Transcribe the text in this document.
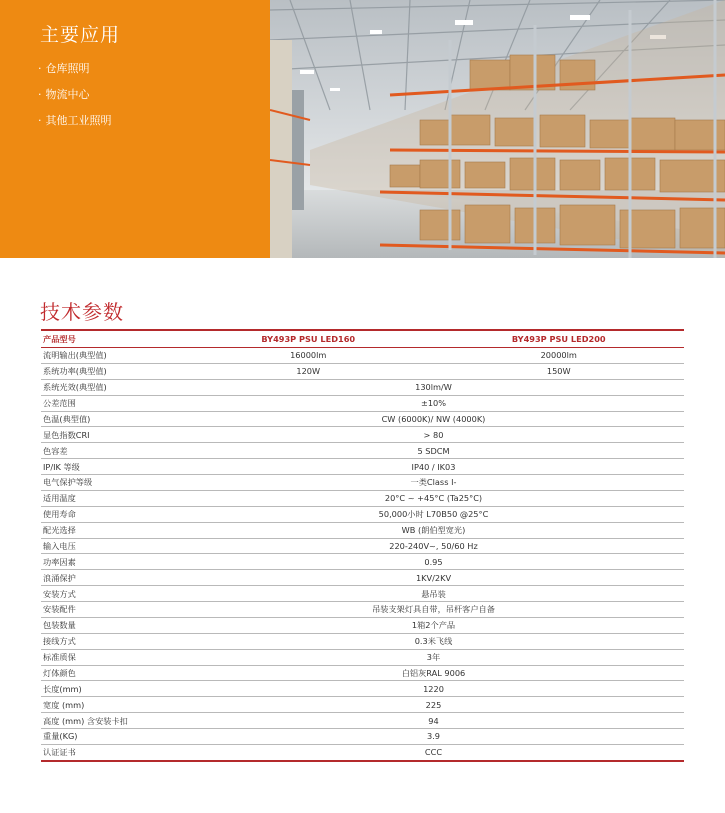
主要应用
· 仓库照明
· 物流中心
· 其他工业照明
技术参数
产品型号	BY493P PSU LED160	BY493P PSU LED200
流明输出(典型值)	16000lm	20000lm
系统功率(典型值)	120W	150W
系统光效(典型值)	130lm/W	
公差范围	±10%	
色温(典型值)	CW (6000K)/ NW (4000K)	
显色指数CRI	> 80	
色容差	5 SDCM	
IP/IK 等级	IP40 / IK03	
电气保护等级	一类Class I-	
适用温度	20°C ~ +45°C (Ta25°C)	
使用寿命	50,000小时 L70B50 @25°C	
配光选择	WB (朗伯型宽光)	
输入电压	220-240V~, 50/60 Hz	
功率因素	0.95	
浪涌保护	1KV/2KV	
安装方式	悬吊装	
安装配件	吊装支架灯具自带，吊杆客户自备	
包装数量	1箱2个产品	
接线方式	0.3米飞线	
标准质保	3年	
灯体颜色	白铝灰RAL 9006	
长度(mm)	1220	
宽度 (mm)	225	
高度 (mm) 含安装卡扣	94	
重量(KG)	3.9	
认证证书	CCC	
